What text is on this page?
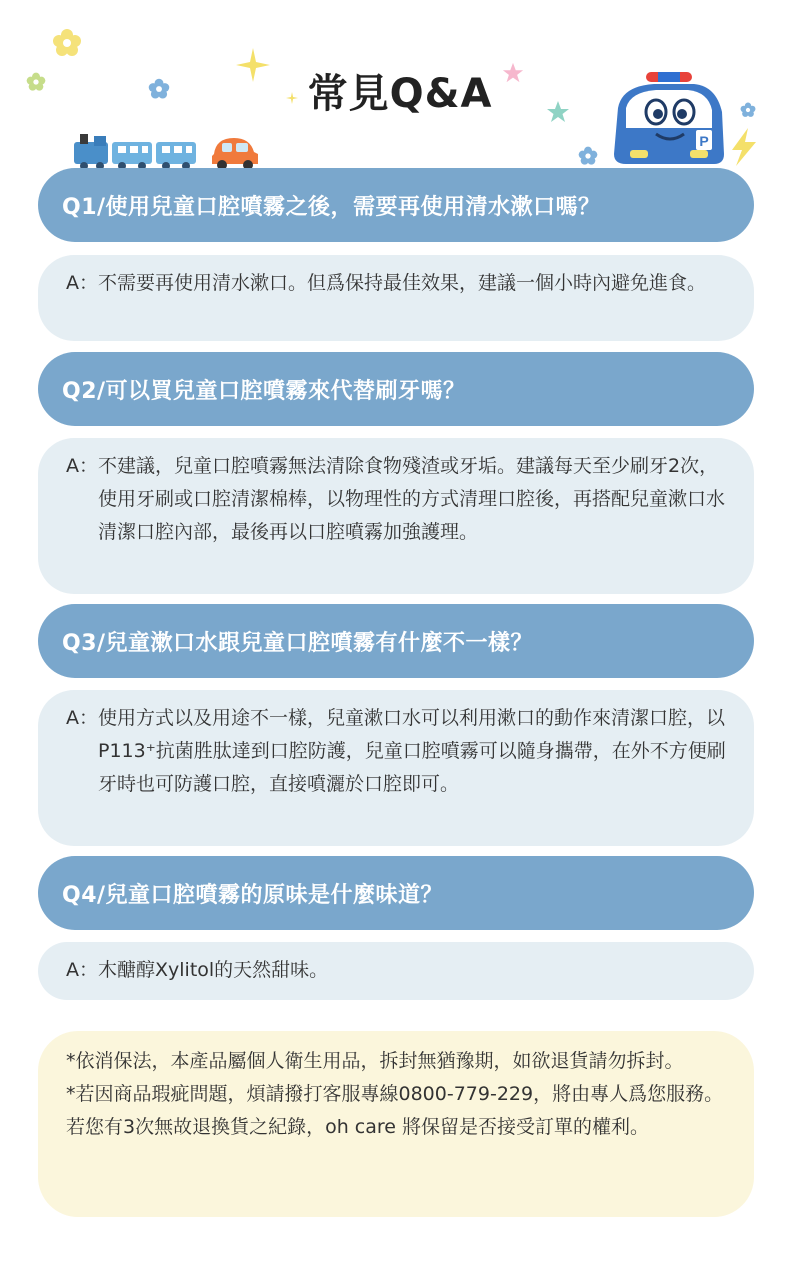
P
常見Q&A
Q1/使用兒童口腔噴霧之後，需要再使用清水漱口嗎？
A： 不需要再使用清水漱口。但爲保持最佳效果，建議一個小時內避免進食。
Q2/可以買兒童口腔噴霧來代替刷牙嗎？
A： 不建議，兒童口腔噴霧無法清除食物殘渣或牙垢。建議每天至少刷牙2次，使用牙刷或口腔清潔棉棒，以物理性的方式清理口腔後，再搭配兒童漱口水清潔口腔內部，最後再以口腔噴霧加強護理。
Q3/兒童漱口水跟兒童口腔噴霧有什麼不一樣？
A： 使用方式以及用途不一樣，兒童漱口水可以利用漱口的動作來清潔口腔，以P113⁺抗菌胜肽達到口腔防護，兒童口腔噴霧可以隨身攜帶，在外不方便刷牙時也可防護口腔，直接噴灑於口腔即可。
Q4/兒童口腔噴霧的原味是什麼味道？
A： 木醣醇Xylitol的天然甜味。

*依消保法，本產品屬個人衛生用品，拆封無猶豫期，如欲退貨請勿拆封。

*若因商品瑕疵問題，煩請撥打客服專線0800-779-229，將由專人爲您服務。 若您有3次無故退換貨之紀錄，oh care 將保留是否接受訂單的權利。
